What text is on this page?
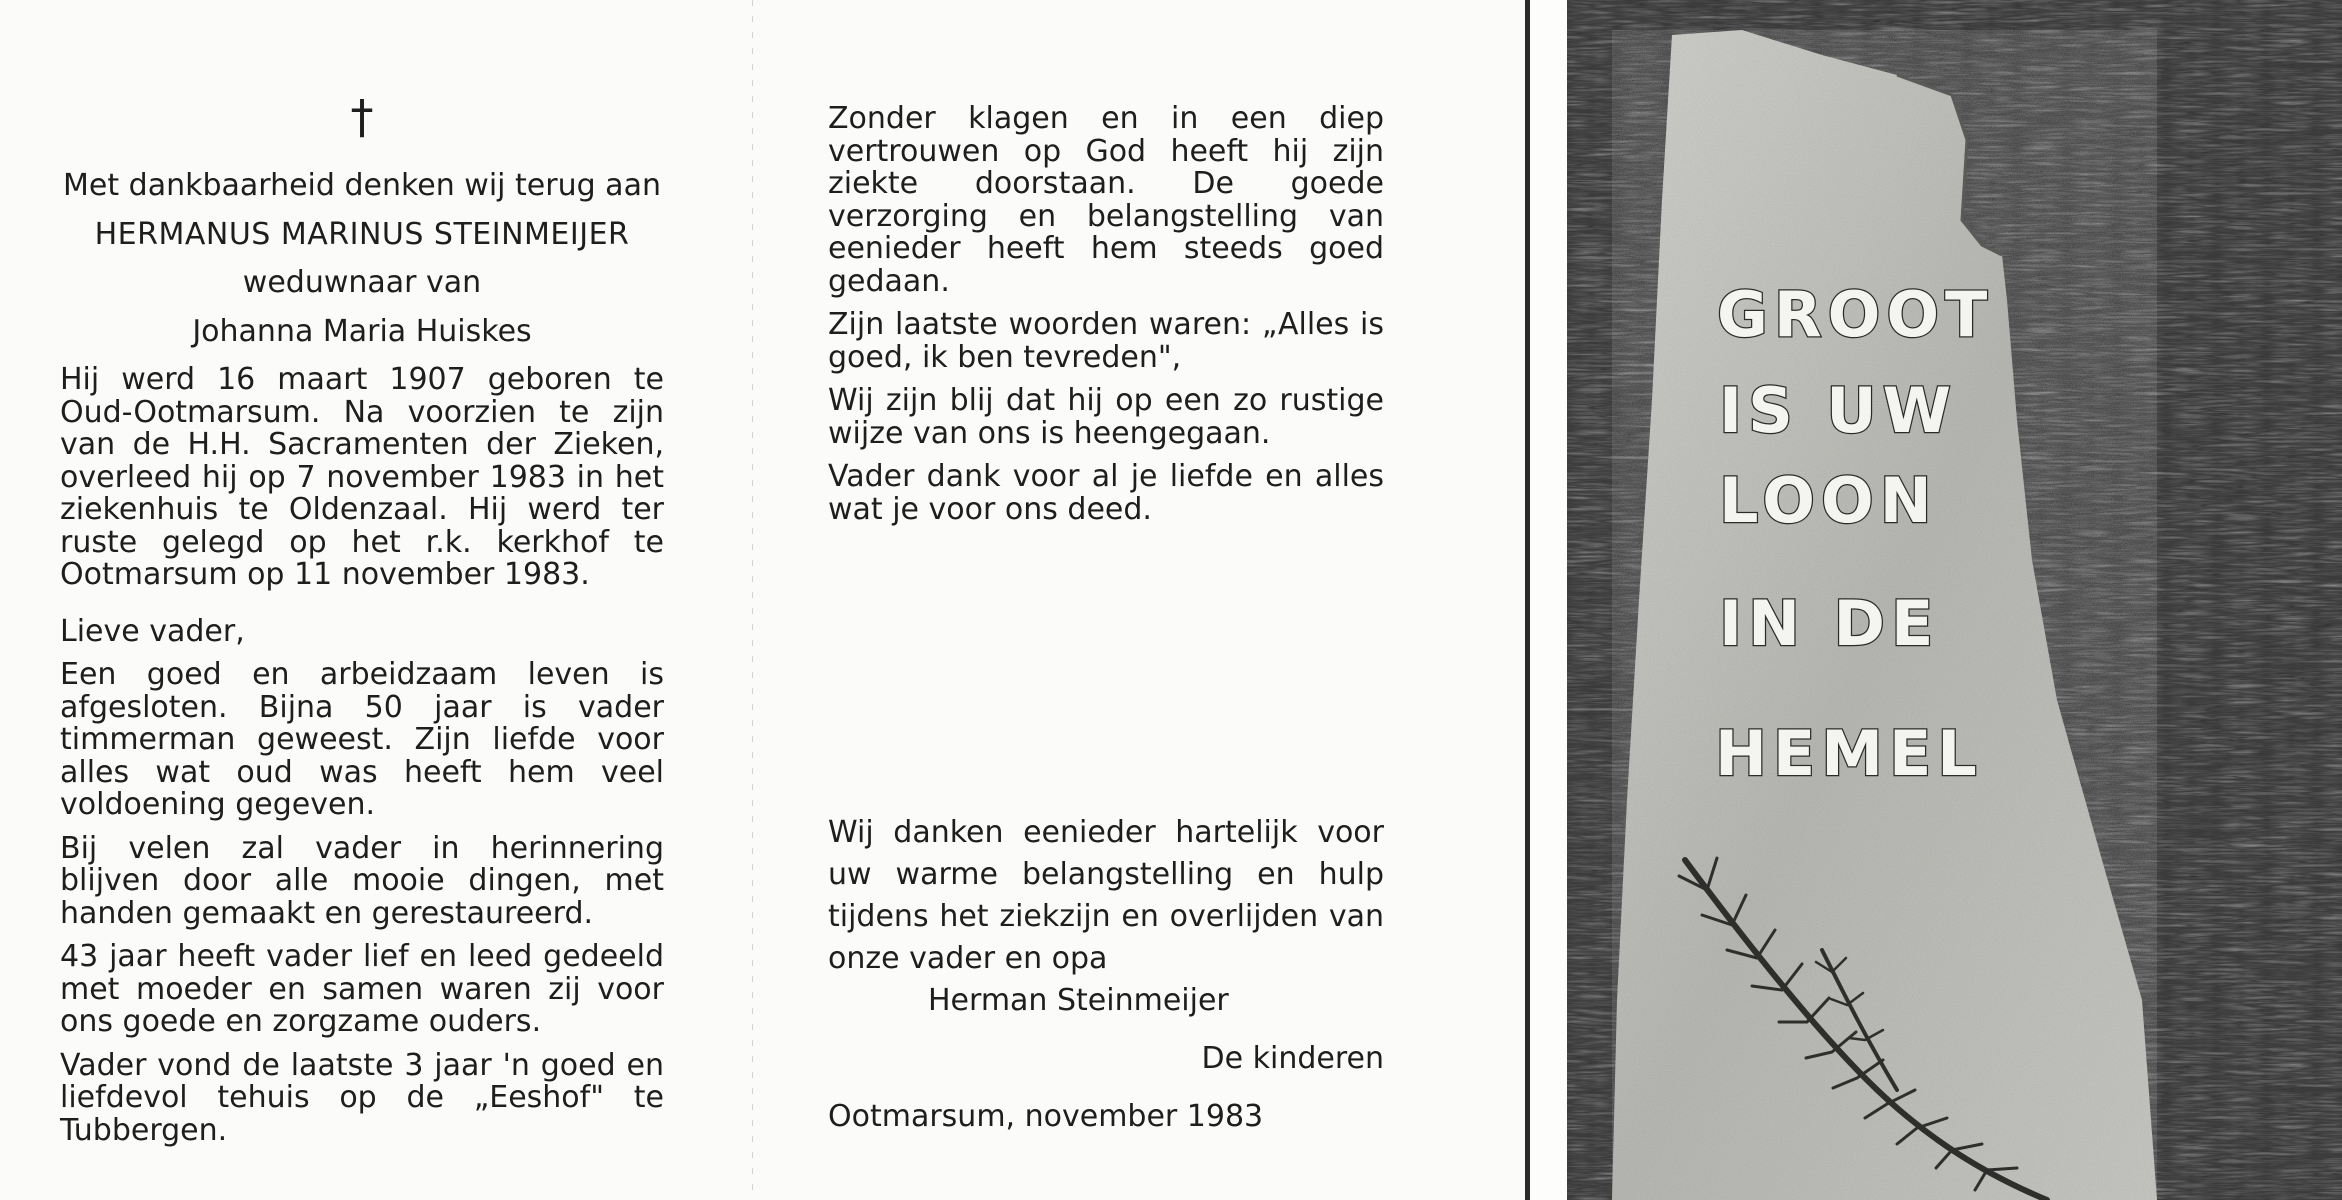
†

Met dankbaarheid denken wij terug aan

HERMANUS MARINUS STEINMEIJER

weduwnaar van

Johanna Maria Huiskes

Hij werd 16 maart 1907 geboren te Oud-Ootmarsum. Na voorzien te zijn van de H.H. Sacramenten der Zieken, overleed hij op 7 november 1983 in het ziekenhuis te Oldenzaal. Hij werd ter ruste gelegd op het r.k. kerkhof te Ootmarsum op 11 november 1983.

Lieve vader,

Een goed en arbeidzaam leven is afgesloten. Bijna 50 jaar is vader timmerman geweest. Zijn liefde voor alles wat oud was heeft hem veel voldoening gegeven.

Bij velen zal vader in herinnering blijven door alle mooie dingen, met handen gemaakt en gerestaureerd.

43 jaar heeft vader lief en leed gedeeld met moeder en samen waren zij voor ons goede en zorgzame ouders.

Vader vond de laatste 3 jaar 'n goed en liefdevol tehuis op de „Eeshof" te Tubbergen.

Zonder klagen en in een diep vertrouwen op God heeft hij zijn ziekte doorstaan. De goede verzorging en belangstelling van eenieder heeft hem steeds goed gedaan.

Zijn laatste woorden waren: „Alles is goed, ik ben tevreden",

Wij zijn blij dat hij op een zo rustige wijze van ons is heengegaan.

Vader dank voor al je liefde en alles wat je voor ons deed.

Wij danken eenieder hartelijk voor uw warme belangstelling en hulp tijdens het ziekzijn en overlijden van onze vader en opa

Herman Steinmeijer

De kinderen

Ootmarsum, november 1983

GROOT
IS UW
LOON
IN DE
HEMEL
